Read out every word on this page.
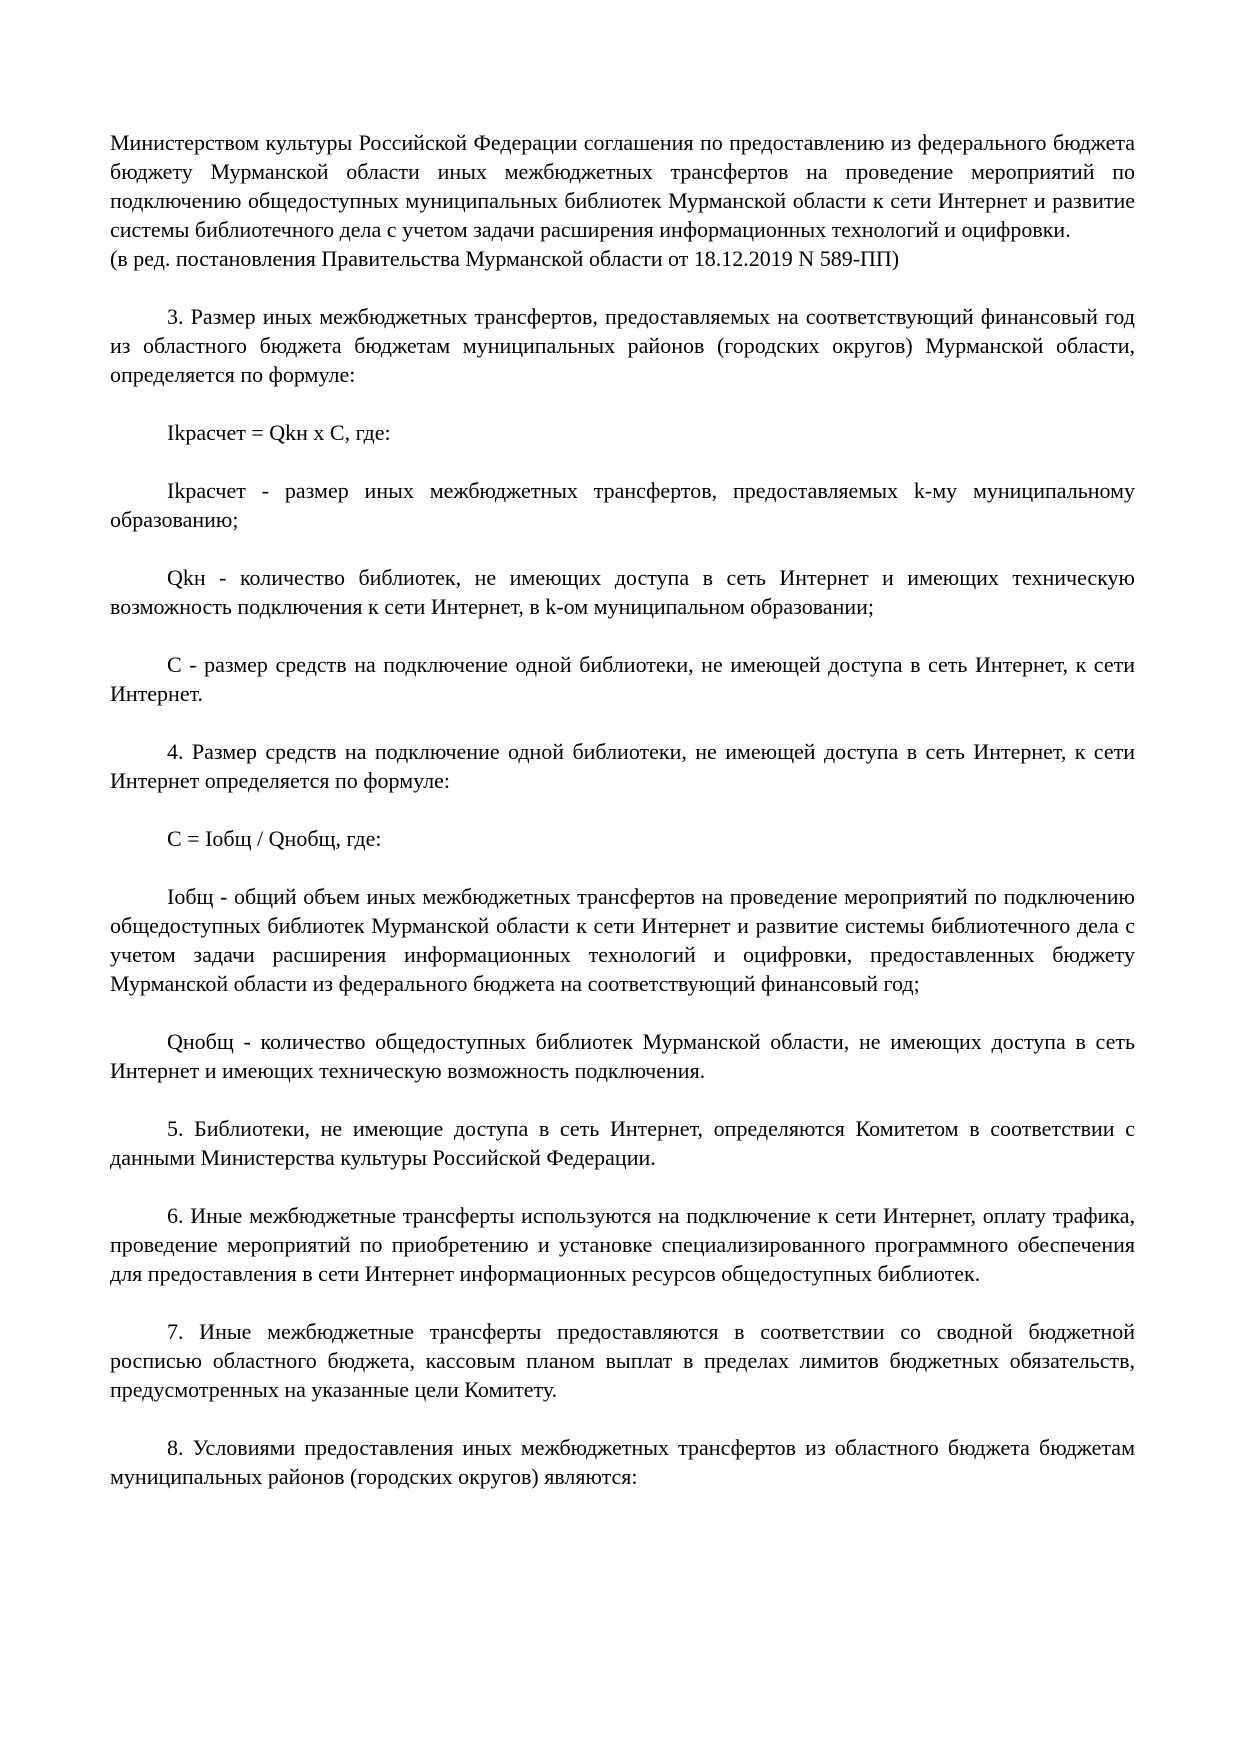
Министерством культуры Российской Федерации соглашения по предоставлению из федерального бюджета бюджету Мурманской области иных межбюджетных трансфертов на проведение мероприятий по подключению общедоступных муниципальных библиотек Мурманской области к сети Интернет и развитие системы библиотечного дела с учетом задачи расширения информационных технологий и оцифровки.

(в ред. постановления Правительства Мурманской области от 18.12.2019 N 589-ПП)

3. Размер иных межбюджетных трансфертов, предоставляемых на соответствующий финансовый год из областного бюджета бюджетам муниципальных районов (городских округов) Мурманской области, определяется по формуле:

Ikрасчет = Qkн x C, где:

Ikрасчет - размер иных межбюджетных трансфертов, предоставляемых k-му муниципальному образованию;

Qkн - количество библиотек, не имеющих доступа в сеть Интернет и имеющих техническую возможность подключения к сети Интернет, в k-ом муниципальном образовании;

С - размер средств на подключение одной библиотеки, не имеющей доступа в сеть Интернет, к сети Интернет.

4. Размер средств на подключение одной библиотеки, не имеющей доступа в сеть Интернет, к сети Интернет определяется по формуле:

С = Iобщ / Qнобщ, где:

Iобщ - общий объем иных межбюджетных трансфертов на проведение мероприятий по подключению общедоступных библиотек Мурманской области к сети Интернет и развитие системы библиотечного дела с учетом задачи расширения информационных технологий и оцифровки, предоставленных бюджету Мурманской области из федерального бюджета на соответствующий финансовый год;

Qнобщ - количество общедоступных библиотек Мурманской области, не имеющих доступа в сеть Интернет и имеющих техническую возможность подключения.

5. Библиотеки, не имеющие доступа в сеть Интернет, определяются Комитетом в соответствии с данными Министерства культуры Российской Федерации.

6. Иные межбюджетные трансферты используются на подключение к сети Интернет, оплату трафика, проведение мероприятий по приобретению и установке специализированного программного обеспечения для предоставления в сети Интернет информационных ресурсов общедоступных библиотек.

7. Иные межбюджетные трансферты предоставляются в соответствии со сводной бюджетной росписью областного бюджета, кассовым планом выплат в пределах лимитов бюджетных обязательств, предусмотренных на указанные цели Комитету.

8. Условиями предоставления иных межбюджетных трансфертов из областного бюджета бюджетам муниципальных районов (городских округов) являются:
